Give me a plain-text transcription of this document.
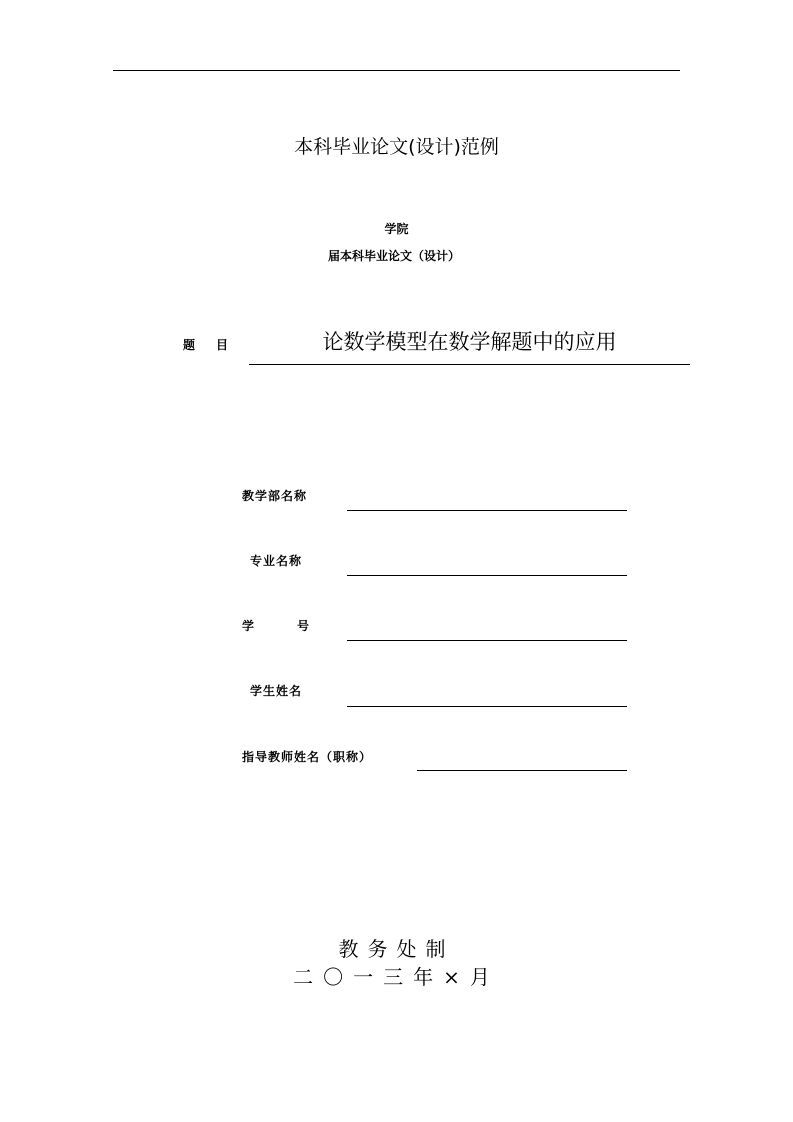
本科毕业论文(设计)范例
学院
届本科毕业论文（设计）
题目	论数学模型在数学解题中的应用
教学部名称
专业名称
学号
学生姓名
指导教师姓名（职称）
教务处制
二〇一三年×月
